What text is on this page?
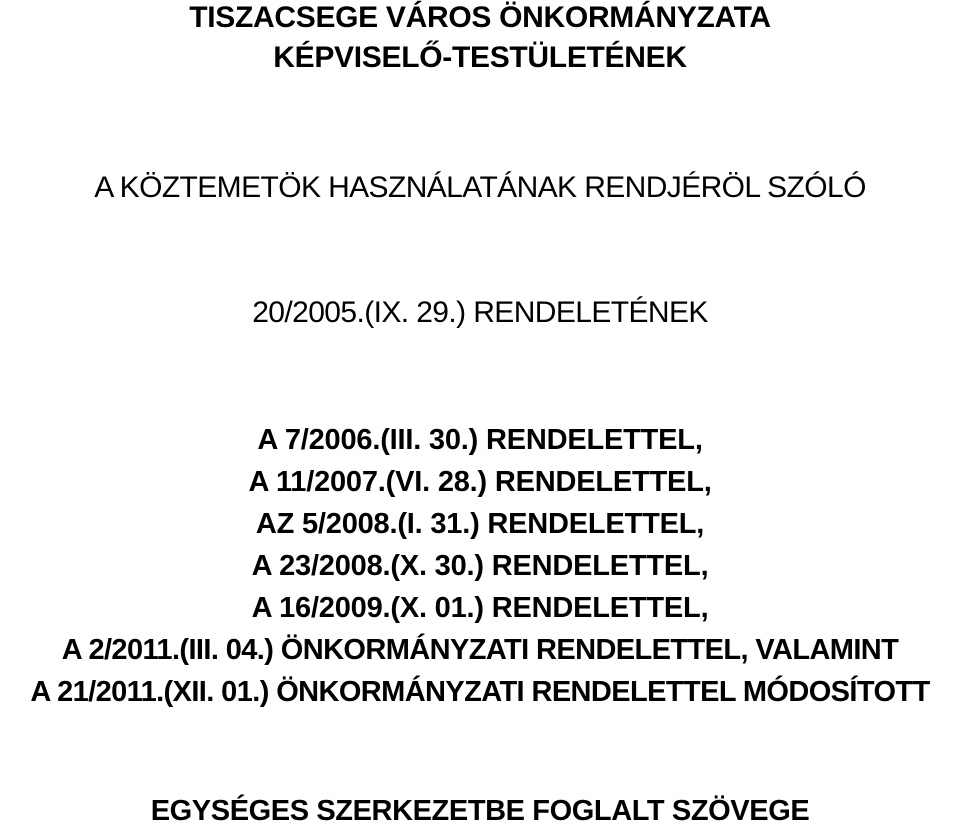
TISZACSEGE VÁROS ÖNKORMÁNYZATA
KÉPVISELŐ-TESTÜLETÉNEK
A KÖZTEMETÖK HASZNÁLATÁNAK RENDJÉRÖL SZÓLÓ
20/2005.(IX. 29.) RENDELETÉNEK
A 7/2006.(III. 30.) RENDELETTEL,
A 11/2007.(VI. 28.) RENDELETTEL,
AZ 5/2008.(I. 31.) RENDELETTEL,
A 23/2008.(X. 30.) RENDELETTEL,
A 16/2009.(X. 01.) RENDELETTEL,
A 2/2011.(III. 04.) ÖNKORMÁNYZATI RENDELETTEL, VALAMINT
A 21/2011.(XII. 01.) ÖNKORMÁNYZATI RENDELETTEL MÓDOSÍTOTT
EGYSÉGES SZERKEZETBE FOGLALT SZÖVEGE
